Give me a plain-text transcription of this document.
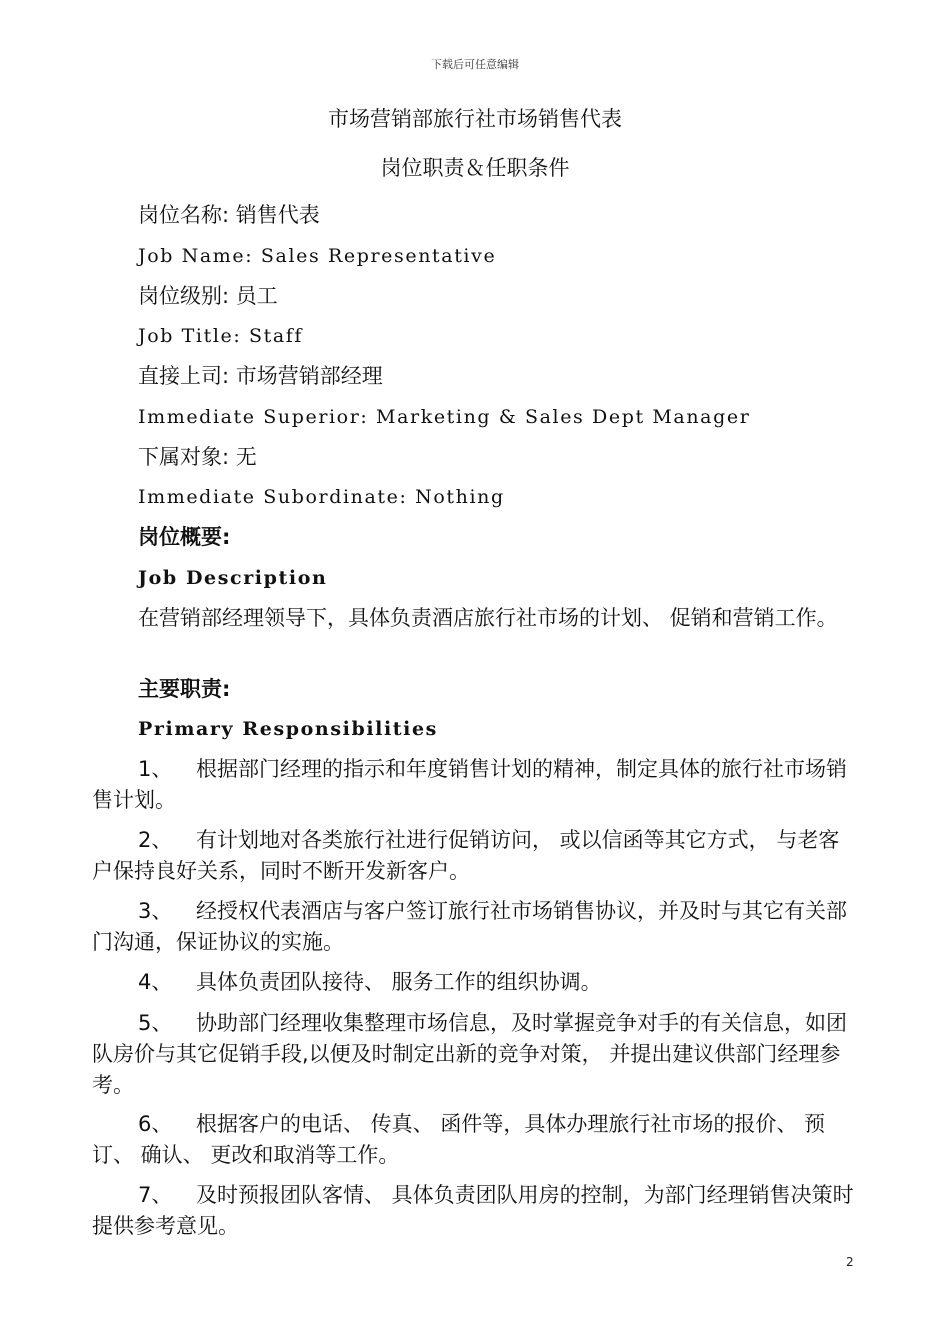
下载后可任意编辑
市场营销部旅行社市场销售代表
岗位职责＆任职条件
岗位名称: 销售代表
Job Name: Sales Representative
岗位级别: 员工
Job Title: Staff
直接上司: 市场营销部经理
Immediate Superior: Marketing & Sales Dept Manager
下属对象: 无
Immediate Subordinate: Nothing
岗位概要:
Job Description

在营销部经理领导下，具体负责酒店旅行社市场的计划、 促销和营销工作。

主要职责:
Primary Responsibilities

1、 根据部门经理的指示和年度销售计划的精神，制定具体的旅行社市场销售计划。

2、 有计划地对各类旅行社进行促销访问， 或以信函等其它方式， 与老客户保持良好关系，同时不断开发新客户。

3、 经授权代表酒店与客户签订旅行社市场销售协议，并及时与其它有关部门沟通，保证协议的实施。

4、 具体负责团队接待、 服务工作的组织协调。

5、 协助部门经理收集整理市场信息，及时掌握竞争对手的有关信息，如团队房价与其它促销手段,以便及时制定出新的竞争对策， 并提出建议供部门经理参考。

6、 根据客户的电话、 传真、 函件等，具体办理旅行社市场的报价、 预订、 确认、 更改和取消等工作。

7、 及时预报团队客情、 具体负责团队用房的控制，为部门经理销售决策时提供参考意见。

2
